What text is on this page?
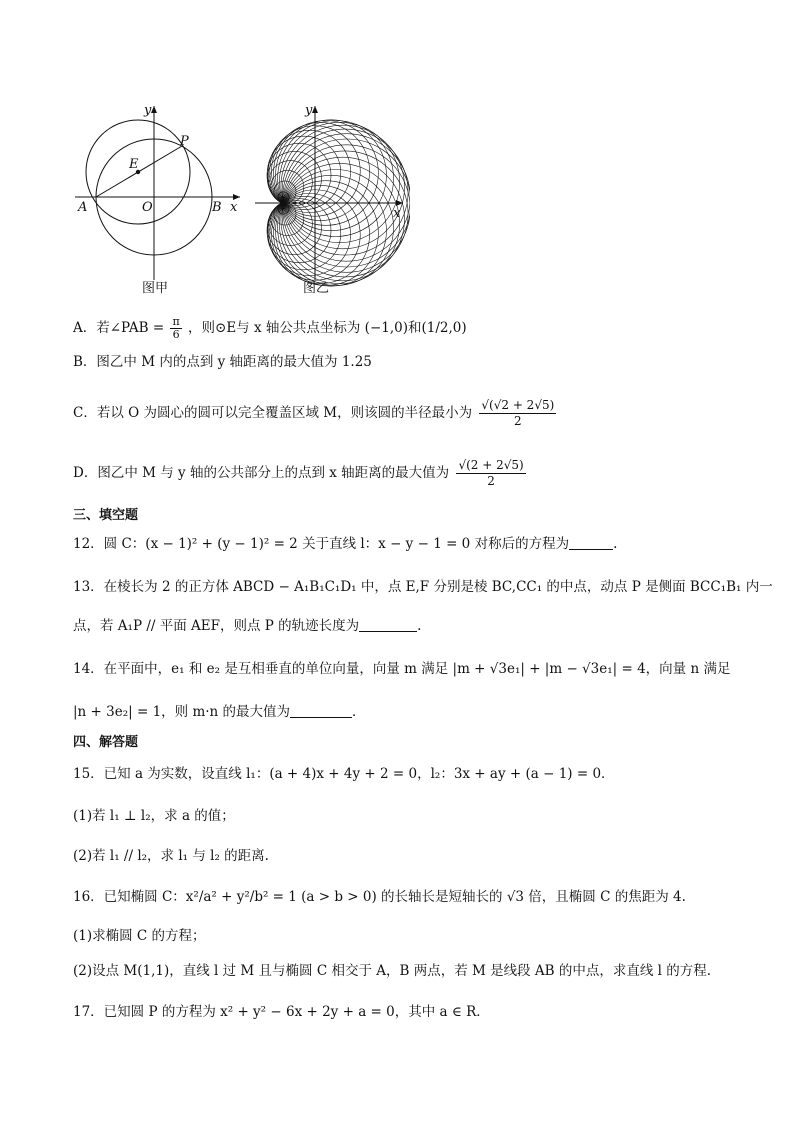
A	B
O
E
P
x
y
图甲
x
y
图乙
A．若∠PAB = $\frac{\pi}{6}$ ，则⊙E与 x 轴公共点坐标为 (−1,0)和(1/2,0)
B．图乙中 M 内的点到 y 轴距离的最大值为 1.25
C．若以 O 为圆心的圆可以完全覆盖区域 M，则该圆的半径最小为 $\frac{√(√2 + 2√5)}{2}$
D．图乙中 M 与 y 轴的公共部分上的点到 x 轴距离的最大值为 $\frac{√(2 + 2√5)}{2}$
三、填空题
12．圆 C：(x − 1)² + (y − 1)² = 2 关于直线 l：x − y − 1 = 0 对称后的方程为	.
13．在棱长为 2 的正方体 ABCD − A₁B₁C₁D₁ 中，点 E,F 分别是棱 BC,CC₁ 的中点，动点 P 是侧面 BCC₁B₁ 内一
点，若 A₁P // 平面 AEF，则点 P 的轨迹长度为	.
14．在平面中，e₁ 和 e₂ 是互相垂直的单位向量，向量 m 满足 |m + √3e₁| + |m − √3e₁| = 4，向量 n 满足
|n + 3e₂| = 1，则 m·n 的最大值为	．
四、解答题
15．已知 a 为实数，设直线 l₁：(a + 4)x + 4y + 2 = 0，l₂：3x + ay + (a − 1) = 0．
(1)若 l₁ ⊥ l₂，求 a 的值；
(2)若 l₁ // l₂，求 l₁ 与 l₂ 的距离.
16．已知椭圆 C：x²/a² + y²/b² = 1 (a > b > 0) 的长轴长是短轴长的 √3 倍，且椭圆 C 的焦距为 4.
(1)求椭圆 C 的方程；
(2)设点 M(1,1)，直线 l 过 M 且与椭圆 C 相交于 A，B 两点，若 M 是线段 AB 的中点，求直线 l 的方程.
17．已知圆 P 的方程为 x² + y² − 6x + 2y + a = 0，其中 a ∈ R．
